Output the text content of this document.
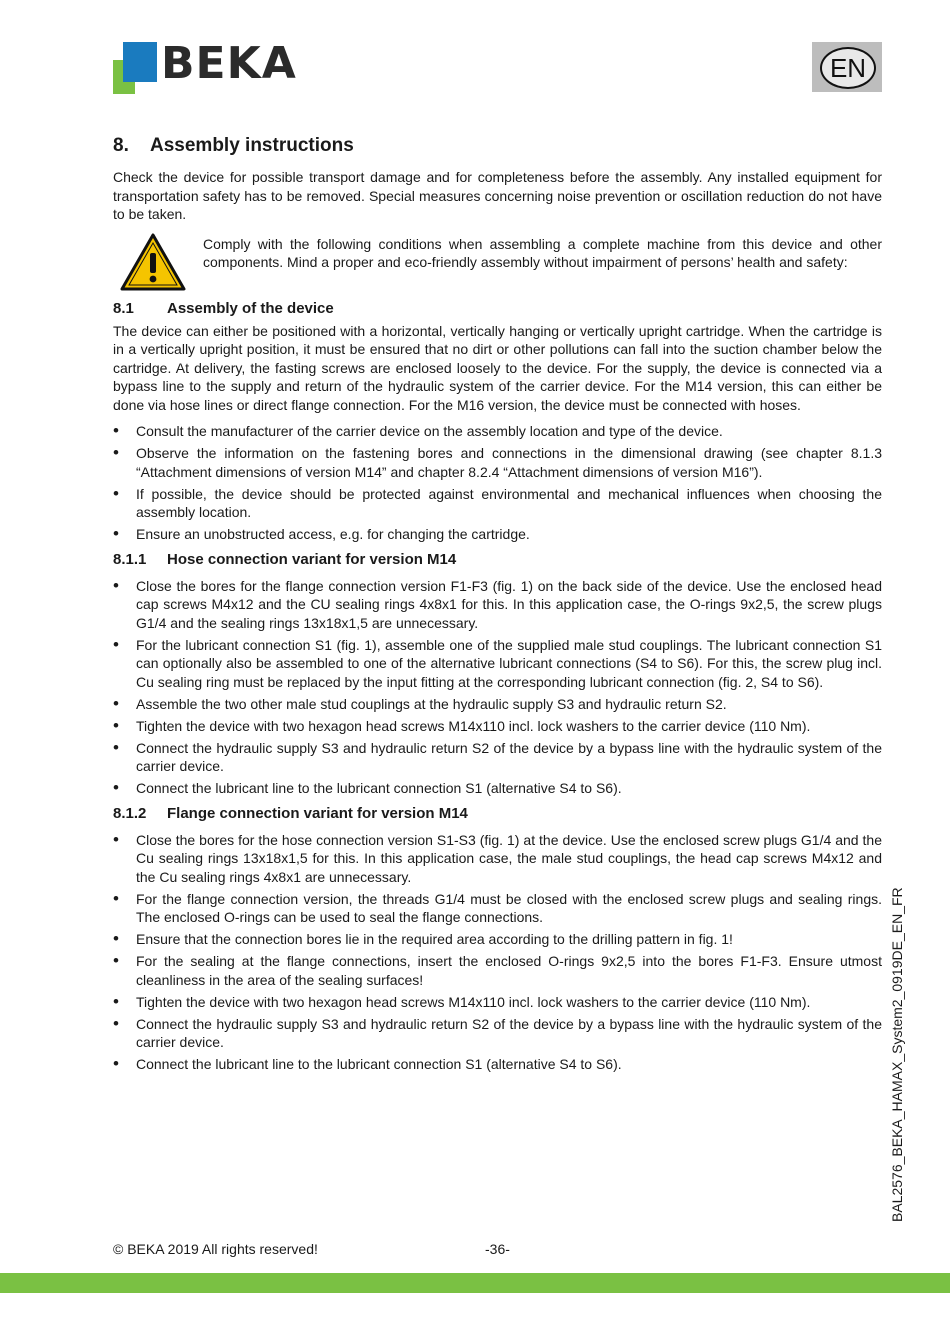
BEKA	EN
8. Assembly instructions

Check the device for possible transport damage and for completeness before the assembly. Any installed equipment for transportation safety has to be removed. Special measures concerning noise prevention or oscillation reduction do not have to be taken.

Comply with the following conditions when assembling a complete machine from this device and other components. Mind a proper and eco-friendly assembly without impairment of persons’ health and safety:
8.1 Assembly of the device

The device can either be positioned with a horizontal, vertically hanging or vertically upright cartridge. When the cartridge is in a vertically upright position, it must be ensured that no dirt or other pollutions can fall into the suction chamber below the cartridge. At delivery, the fasting screws are enclosed loosely to the device. For the supply, the device is connected via a bypass line to the supply and return of the hydraulic system of the carrier device. For the M14 version, this can either be done via hose lines or direct flange connection. For the M16 version, the device must be connected with hoses.

• Consult the manufacturer of the carrier device on the assembly location and type of the device.
• Observe the information on the fastening bores and connections in the dimensional drawing (see chapter 8.1.3 “Attachment dimensions of version M14” and chapter 8.2.4 “Attachment dimensions of version M16”).
• If possible, the device should be protected against environmental and mechanical influences when choosing the assembly location.
• Ensure an unobstructed access, e.g. for changing the cartridge.
8.1.1 Hose connection variant for version M14
• Close the bores for the flange connection version F1-F3 (fig. 1) on the back side of the device. Use the enclosed head cap screws M4x12 and the CU sealing rings 4x8x1 for this. In this application case, the O-rings 9x2,5, the screw plugs G1/4 and the sealing rings 13x18x1,5 are unnecessary.
• For the lubricant connection S1 (fig. 1), assemble one of the supplied male stud couplings. The lubricant connection S1 can optionally also be assembled to one of the alternative lubricant connections (S4 to S6). For this, the screw plug incl. Cu sealing ring must be replaced by the input fitting at the corresponding lubricant connection (fig. 2, S4 to S6).
• Assemble the two other male stud couplings at the hydraulic supply S3 and hydraulic return S2.
• Tighten the device with two hexagon head screws M14x110 incl. lock washers to the carrier device (110 Nm).
• Connect the hydraulic supply S3 and hydraulic return S2 of the device by a bypass line with the hydraulic system of the carrier device.
• Connect the lubricant line to the lubricant connection S1 (alternative S4 to S6).
8.1.2 Flange connection variant for version M14
• Close the bores for the hose connection version S1-S3 (fig. 1) at the device. Use the enclosed screw plugs G1/4 and the Cu sealing rings 13x18x1,5 for this. In this application case, the male stud couplings, the head cap screws M4x12 and the Cu sealing rings 4x8x1 are unnecessary.
• For the flange connection version, the threads G1/4 must be closed with the enclosed screw plugs and sealing rings. The enclosed O-rings can be used to seal the flange connections.
• Ensure that the connection bores lie in the required area according to the drilling pattern in fig. 1!
• For the sealing at the flange connections, insert the enclosed O-rings 9x2,5 into the bores F1-F3. Ensure utmost cleanliness in the area of the sealing surfaces!
• Tighten the device with two hexagon head screws M14x110 incl. lock washers to the carrier device (110 Nm).
• Connect the hydraulic supply S3 and hydraulic return S2 of the device by a bypass line with the hydraulic system of the carrier device.
• Connect the lubricant line to the lubricant connection S1 (alternative S4 to S6).	BAL2576_BEKA_HAMAX_System2_0919DE_EN_FR
© BEKA 2019 All rights reserved!	-36-
